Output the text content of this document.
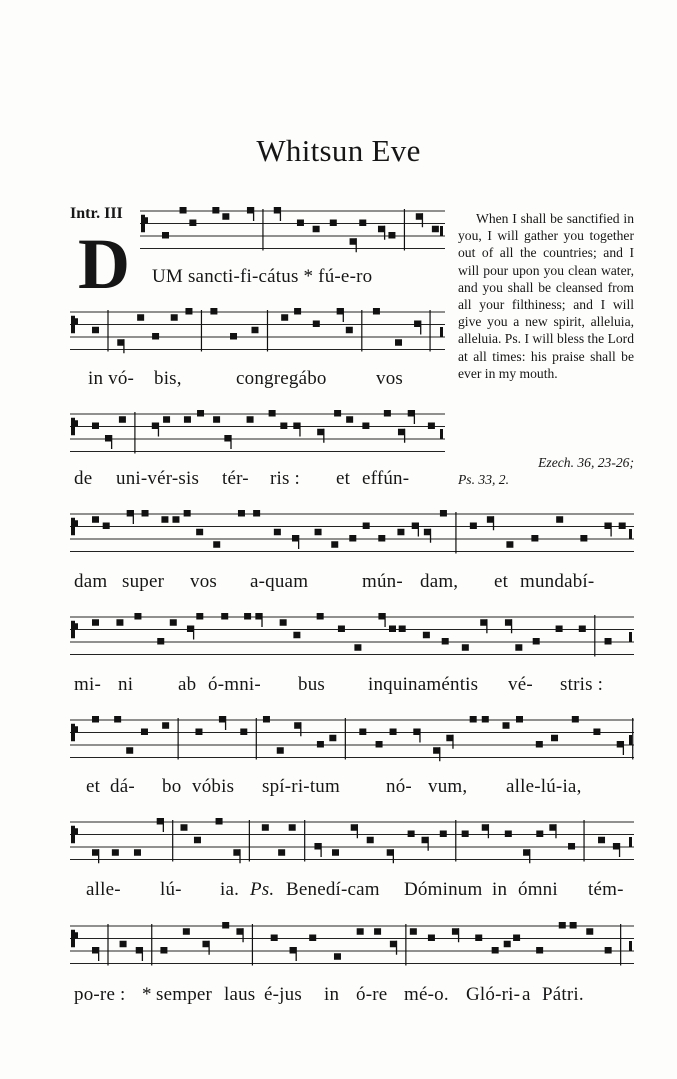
Whitsun Eve
Intr. III
D UM sancti-fi-cátus * fú-e-ro
in vó- bis,	congregábo	vos
de uni-vér-sis tér- ris : et effún-
dam super vos a-quam	mún- dam, et mundabí-
mi- ni ab ó-mni- bus inquinaméntis vé- stris :
et dá- bo vóbis spí-ri-tum nó- vum, alle-lú-ia,
alle- lú- ia. Ps. Benedí-cam Dóminum in ómni tém-
po-re : * semper laus é-jus in ó-re mé-o. Gló-ri- a Pátri.

When I shall be sanctified in you, I will gather you together out of all the countries; and I will pour upon you clean water, and you shall be cleansed from all your filthiness; and I will give you a new spirit, alleluia, alleluia. Ps. I will bless the Lord at all times: his praise shall be ever in my mouth.

Ezech. 36, 23-26;
Ps. 33, 2.
